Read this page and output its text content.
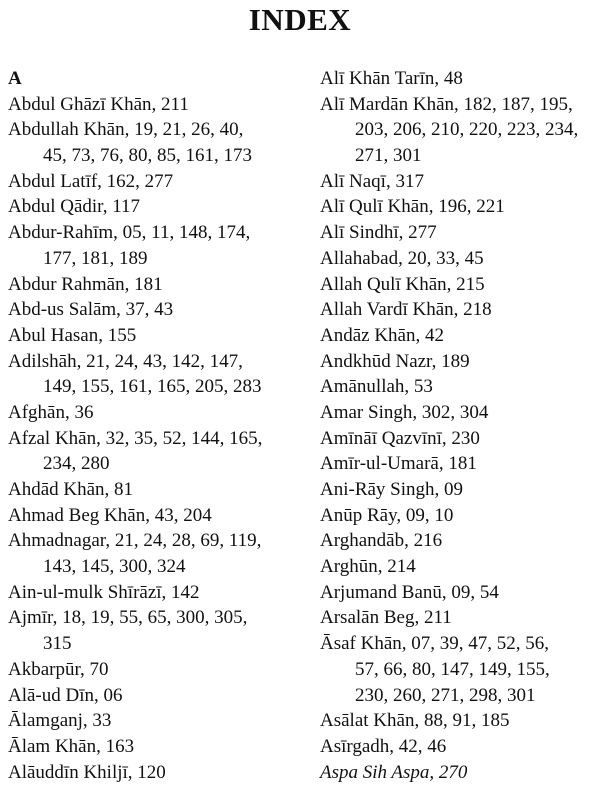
INDEX
A
Abdul Ghāzī Khān, 211
Abdullah Khān, 19, 21, 26, 40,
45, 73, 76, 80, 85, 161, 173
Abdul Latīf, 162, 277
Abdul Qādir, 117
Abdur-Rahīm, 05, 11, 148, 174,
177, 181, 189
Abdur Rahmān, 181
Abd-us Salām, 37, 43
Abul Hasan, 155
Adilshāh, 21, 24, 43, 142, 147,
149, 155, 161, 165, 205, 283
Afghān, 36
Afzal Khān, 32, 35, 52, 144, 165,
234, 280
Ahdād Khān, 81
Ahmad Beg Khān, 43, 204
Ahmadnagar, 21, 24, 28, 69, 119,
143, 145, 300, 324
Ain-ul-mulk Shīrāzī, 142
Ajmīr, 18, 19, 55, 65, 300, 305,
315
Akbarpūr, 70
Alā-ud Dīn, 06
Ālamganj, 33
Ālam Khān, 163
Alāuddīn Khiljī, 120
Alī Khān Tarīn, 48
Alī Mardān Khān, 182, 187, 195,
203, 206, 210, 220, 223, 234,
271, 301
Alī Naqī, 317
Alī Qulī Khān, 196, 221
Alī Sindhī, 277
Allahabad, 20, 33, 45
Allah Qulī Khān, 215
Allah Vardī Khān, 218
Andāz Khān, 42
Andkhūd Nazr, 189
Amānullah, 53
Amar Singh, 302, 304
Amīnāī Qazvīnī, 230
Amīr-ul-Umarā, 181
Ani-Rāy Singh, 09
Anūp Rāy, 09, 10
Arghandāb, 216
Arghūn, 214
Arjumand Banū, 09, 54
Arsalān Beg, 211
Āsaf Khān, 07, 39, 47, 52, 56,
57, 66, 80, 147, 149, 155,
230, 260, 271, 298, 301
Asālat Khān, 88, 91, 185
Asīrgadh, 42, 46
Aspa Sih Aspa, 270
